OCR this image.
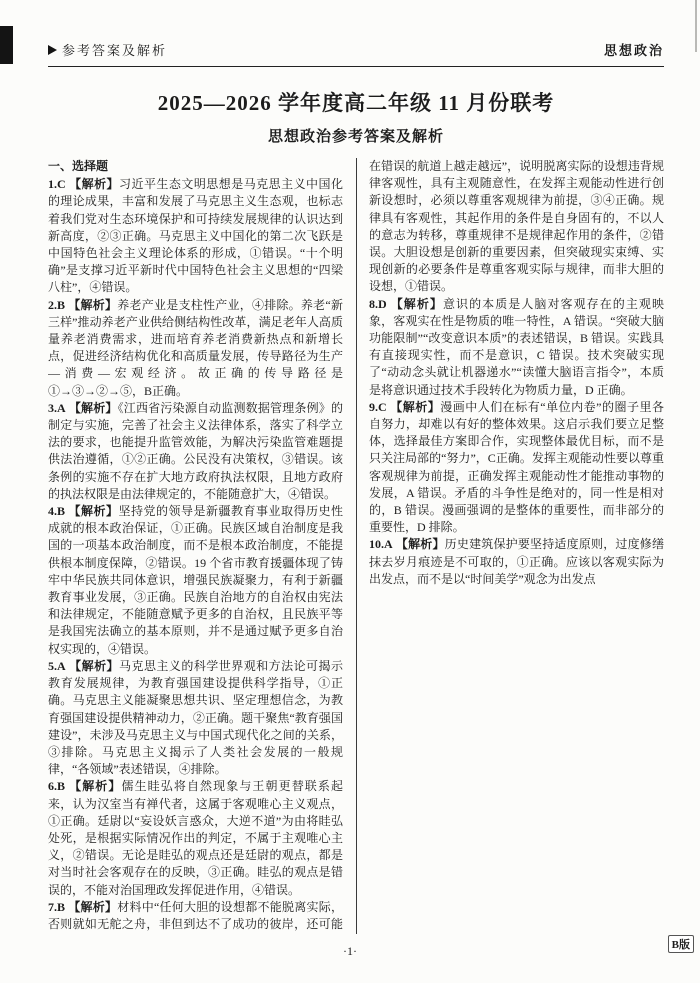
参考答案及解析	思想政治
2025—2026 学年度高二年级 11 月份联考
思想政治参考答案及解析
一、选择题

1.C 【解析】习近平生态文明思想是马克思主义中国化的理论成果，丰富和发展了马克思主义生态观，也标志着我们党对生态环境保护和可持续发展规律的认识达到新高度，②③正确。马克思主义中国化的第二次飞跃是中国特色社会主义理论体系的形成，①错误。“十个明确”是支撑习近平新时代中国特色社会主义思想的“四梁八柱”，④错误。

2.B 【解析】养老产业是支柱性产业，④排除。养老“新三样”推动养老产业供给侧结构性改革，满足老年人高质量养老消费需求，进而培育养老消费新热点和新增长点，促进经济结构优化和高质量发展，传导路径为生产—消费—宏观经济。故正确的传导路径是①→③→②→⑤，B正确。

3.A 【解析】《江西省污染源自动监测数据管理条例》的制定与实施，完善了社会主义法律体系，落实了科学立法的要求，也能提升监管效能，为解决污染监管难题提供法治遵循，①②正确。公民没有决策权，③错误。该条例的实施不存在扩大地方政府执法权限，且地方政府的执法权限是由法律规定的，不能随意扩大，④错误。

4.B 【解析】坚持党的领导是新疆教育事业取得历史性成就的根本政治保证，①正确。民族区域自治制度是我国的一项基本政治制度，而不是根本政治制度，不能提供根本制度保障，②错误。19 个省市教育援疆体现了铸牢中华民族共同体意识，增强民族凝聚力，有利于新疆教育事业发展，③正确。民族自治地方的自治权由宪法和法律规定，不能随意赋予更多的自治权，且民族平等是我国宪法确立的基本原则，并不是通过赋予更多自治权实现的，④错误。

5.A 【解析】马克思主义的科学世界观和方法论可揭示教育发展规律，为教育强国建设提供科学指导，①正确。马克思主义能凝聚思想共识、坚定理想信念，为教育强国建设提供精神动力，②正确。题干聚焦“教育强国建设”，未涉及马克思主义与中国式现代化之间的关系，③排除。马克思主义揭示了人类社会发展的一般规律，“各领域”表述错误，④排除。

6.B 【解析】儒生眭弘将自然现象与王朝更替联系起来，认为汉室当有禅代者，这属于客观唯心主义观点，①正确。廷尉以“妄设妖言惑众，大逆不道”为由将眭弘处死，是根据实际情况作出的判定，不属于主观唯心主义，②错误。无论是眭弘的观点还是廷尉的观点，都是对当时社会客观存在的反映，③正确。眭弘的观点是错误的，不能对治国理政发挥促进作用，④错误。

7.B 【解析】材料中“任何大胆的设想都不能脱离实际，否则就如无舵之舟，非但到达不了成功的彼岸，还可能在错误的航道上越走越远”，说明脱离实际的设想违背规律客观性，具有主观随意性，在发挥主观能动性进行创新设想时，必须以尊重客观规律为前提，③④正确。规律具有客观性，其起作用的条件是自身固有的，不以人的意志为转移，尊重规律不是规律起作用的条件，②错误。大胆设想是创新的重要因素，但突破现实束缚、实现创新的必要条件是尊重客观实际与规律，而非大胆的设想，①错误。

8.D 【解析】意识的本质是人脑对客观存在的主观映象，客观实在性是物质的唯一特性，A 错误。“突破大脑功能限制”“改变意识本质”的表述错误，B 错误。实践具有直接现实性，而不是意识，C 错误。技术突破实现了“动动念头就让机器递水”“读懂大脑语言指令”，本质是将意识通过技术手段转化为物质力量，D 正确。

9.C 【解析】漫画中人们在标有“单位内卷”的圈子里各自努力，却难以有好的整体效果。这启示我们要立足整体，选择最佳方案即合作，实现整体最优目标，而不是只关注局部的“努力”，C正确。发挥主观能动性要以尊重客观规律为前提，正确发挥主观能动性才能推动事物的发展，A 错误。矛盾的斗争性是绝对的，同一性是相对的，B 错误。漫画强调的是整体的重要性，而非部分的重要性，D 排除。

10.A 【解析】历史建筑保护要坚持适度原则，过度修缮抹去岁月痕迹是不可取的，①正确。应该以客观实际为出发点，而不是以“时间美学”观念为出发点

·1·	B版
